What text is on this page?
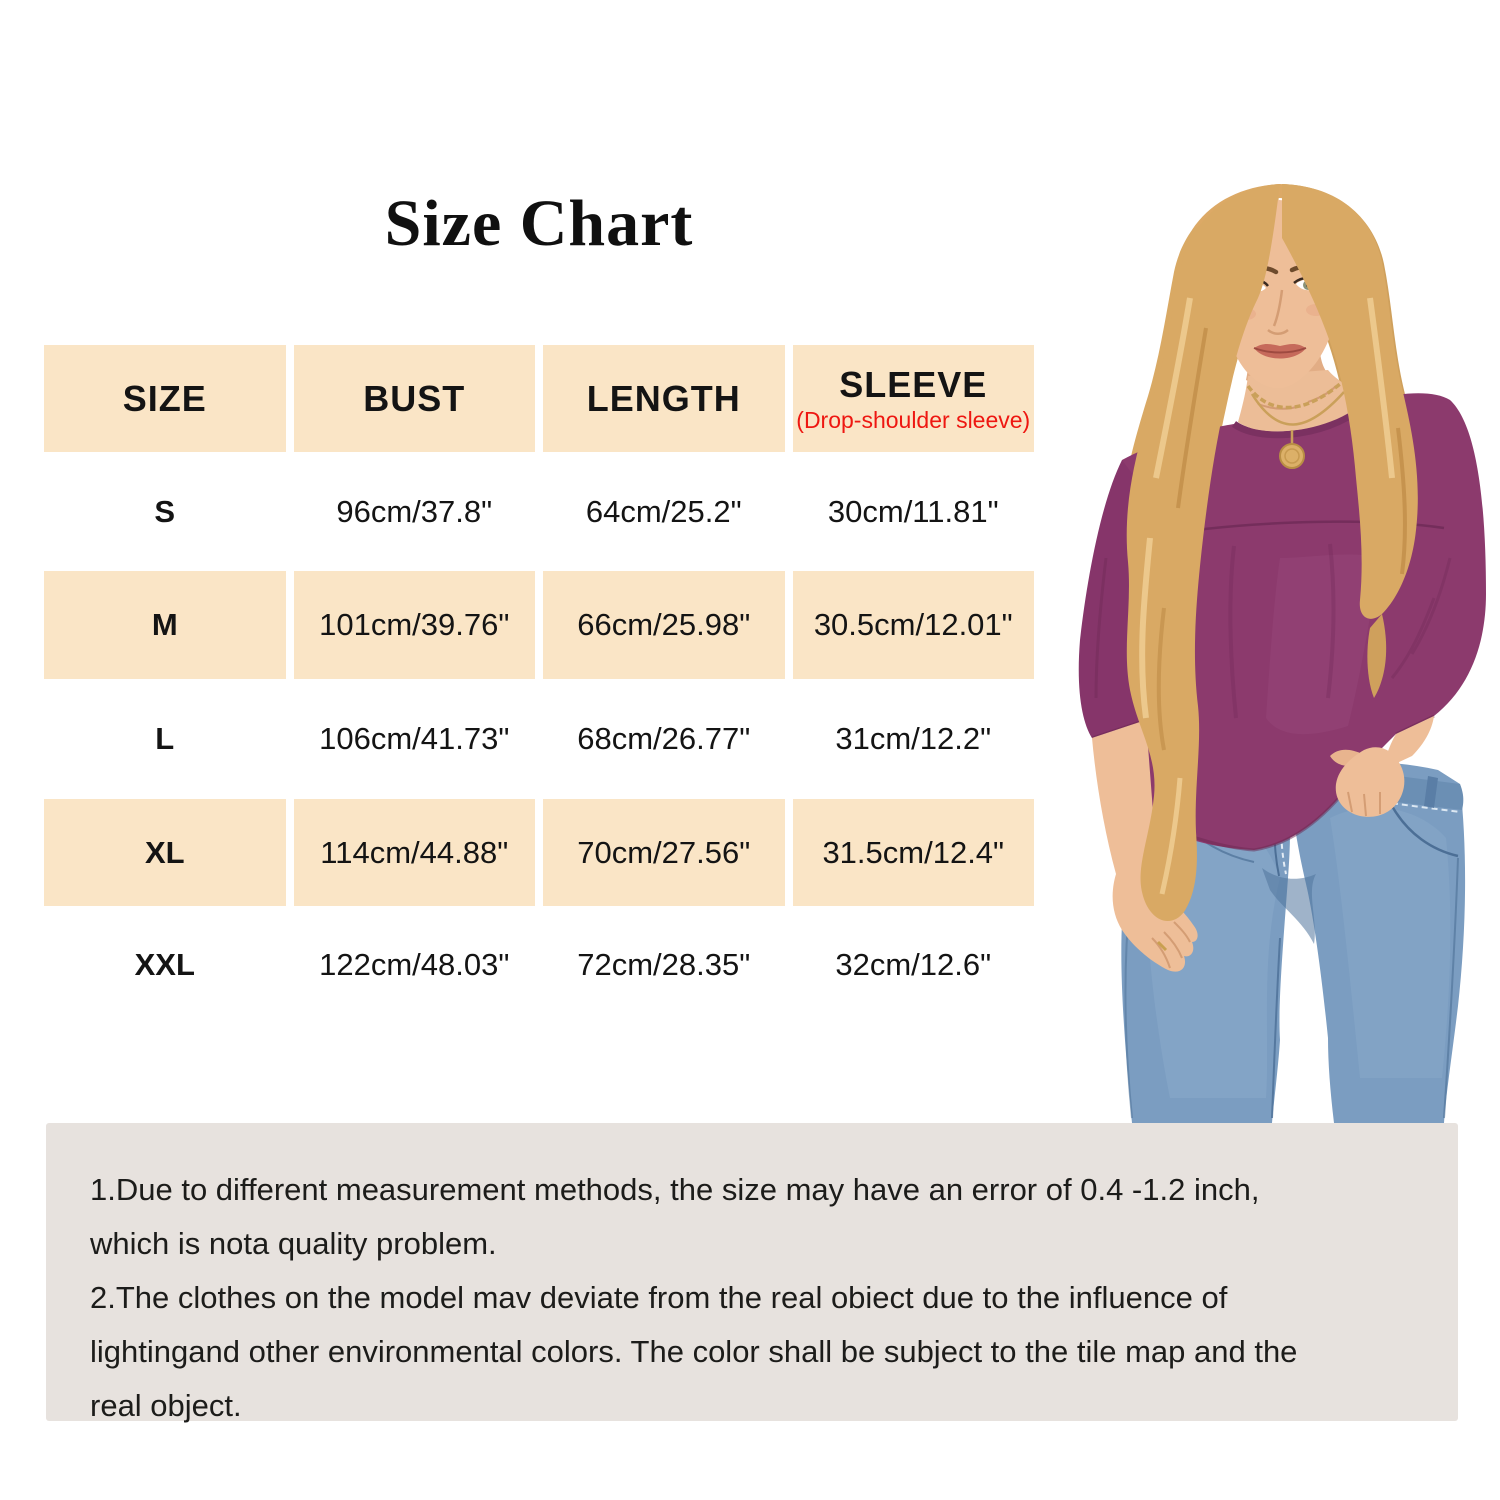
Size Chart
SIZE	BUST	LENGTH	SLEEVE
(Drop-shoulder sleeve)
S	96cm/37.8"	64cm/25.2"	30cm/11.81"
M	101cm/39.76"	66cm/25.98"	30.5cm/12.01"
L	106cm/41.73"	68cm/26.77"	31cm/12.2"
XL	114cm/44.88"	70cm/27.56"	31.5cm/12.4"
XXL	122cm/48.03"	72cm/28.35"	32cm/12.6"
1.Due to different measurement methods, the size may have an error of 0.4 -1.2 inch,
which is nota quality problem.
2.The clothes on the model mav deviate from the real obiect due to the influence of
lightingand other environmental colors. The color shall be subject to the tile map and the
real object.
